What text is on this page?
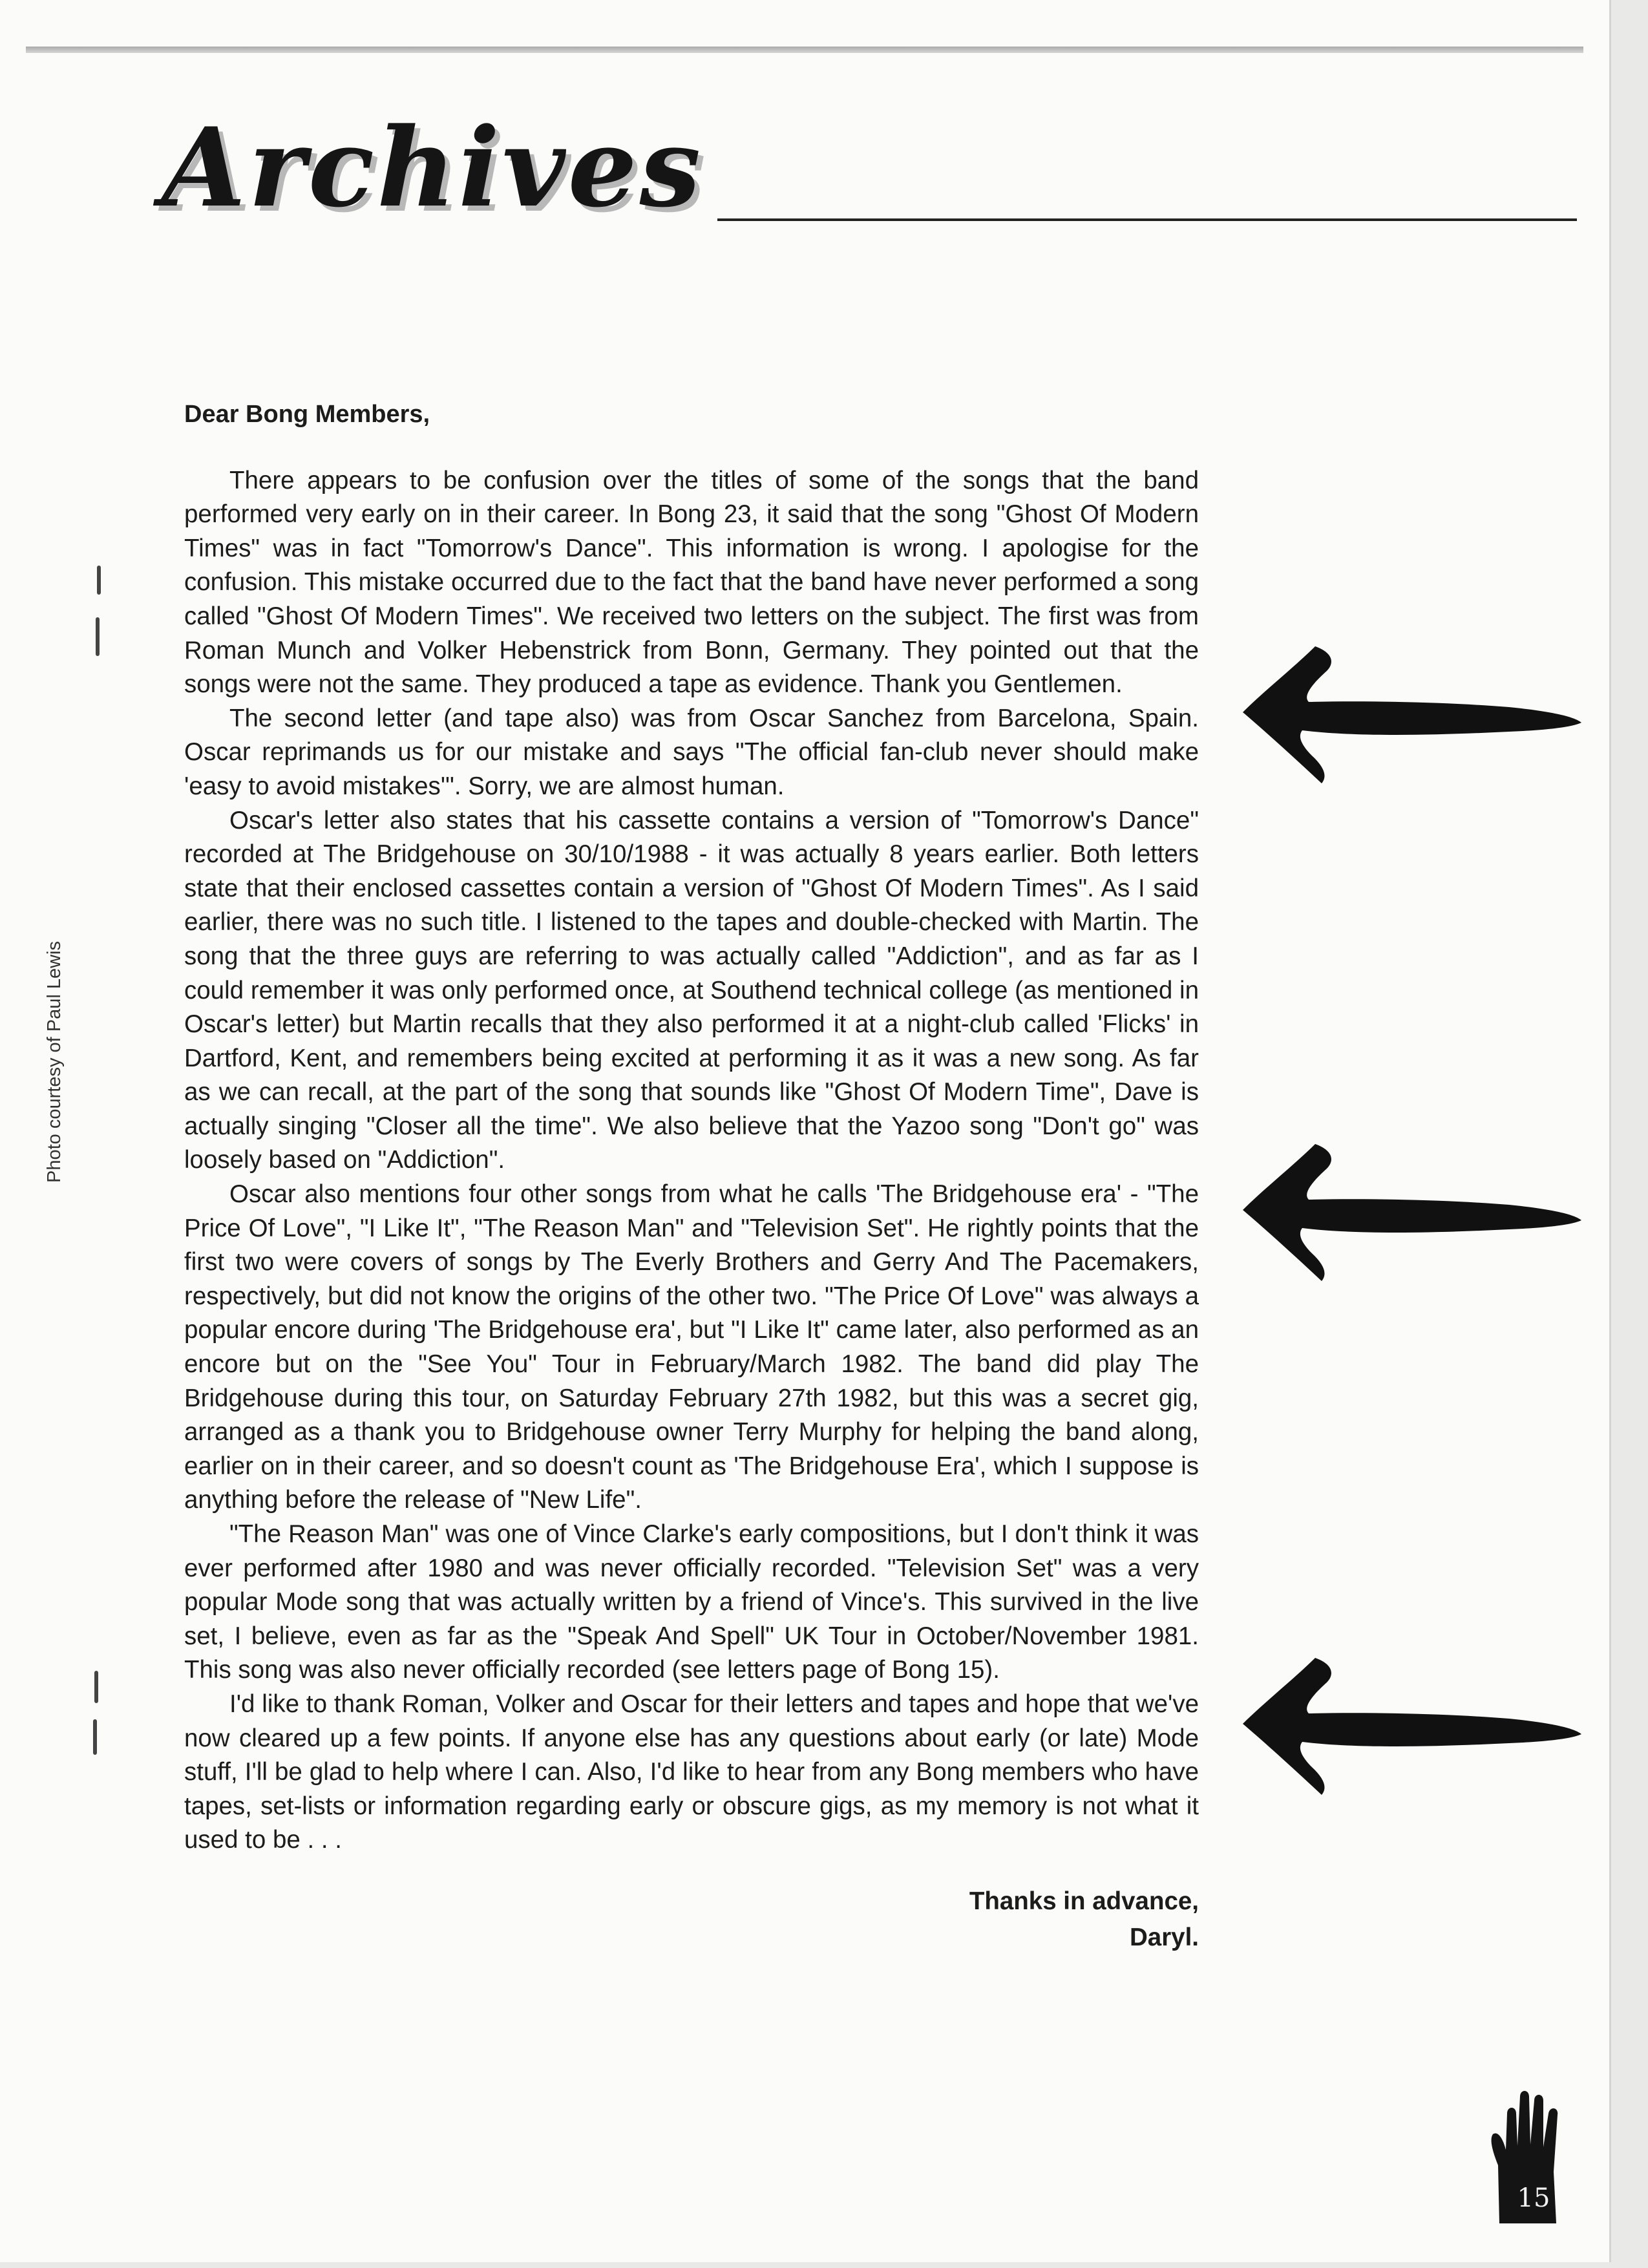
Archives
Photo courtesy of Paul Lewis

Dear Bong Members,

There appears to be confusion over the titles of some of the songs that the band performed very early on in their career. In Bong 23, it said that the song "Ghost Of Modern Times" was in fact "Tomorrow's Dance". This information is wrong. I apologise for the confusion. This mistake occurred due to the fact that the band have never performed a song called "Ghost Of Modern Times". We received two letters on the subject. The first was from Roman Munch and Volker Hebenstrick from Bonn, Germany. They pointed out that the songs were not the same. They produced a tape as evidence. Thank you Gentlemen.

The second letter (and tape also) was from Oscar Sanchez from Barcelona, Spain. Oscar reprimands us for our mistake and says "The official fan-club never should make 'easy to avoid mistakes'". Sorry, we are almost human.

Oscar's letter also states that his cassette contains a version of "Tomorrow's Dance" recorded at The Bridgehouse on 30/10/1988 - it was actually 8 years earlier. Both letters state that their enclosed cassettes contain a version of "Ghost Of Modern Times". As I said earlier, there was no such title. I listened to the tapes and double-checked with Martin. The song that the three guys are referring to was actually called "Addiction", and as far as I could remember it was only performed once, at Southend technical college (as mentioned in Oscar's letter) but Martin recalls that they also performed it at a night-club called 'Flicks' in Dartford, Kent, and remembers being excited at performing it as it was a new song. As far as we can recall, at the part of the song that sounds like "Ghost Of Modern Time", Dave is actually singing "Closer all the time". We also believe that the Yazoo song "Don't go" was loosely based on "Addiction".

Oscar also mentions four other songs from what he calls 'The Bridgehouse era' - "The Price Of Love", "I Like It", "The Reason Man" and "Television Set". He rightly points that the first two were covers of songs by The Everly Brothers and Gerry And The Pacemakers, respectively, but did not know the origins of the other two. "The Price Of Love" was always a popular encore during 'The Bridgehouse era', but "I Like It" came later, also performed as an encore but on the "See You" Tour in February/March 1982. The band did play The Bridgehouse during this tour, on Saturday February 27th 1982, but this was a secret gig, arranged as a thank you to Bridgehouse owner Terry Murphy for helping the band along, earlier on in their career, and so doesn't count as 'The Bridgehouse Era', which I suppose is anything before the release of "New Life".

"The Reason Man" was one of Vince Clarke's early compositions, but I don't think it was ever performed after 1980 and was never officially recorded. "Television Set" was a very popular Mode song that was actually written by a friend of Vince's. This survived in the live set, I believe, even as far as the "Speak And Spell" UK Tour in October/November 1981. This song was also never officially recorded (see letters page of Bong 15).

I'd like to thank Roman, Volker and Oscar for their letters and tapes and hope that we've now cleared up a few points. If anyone else has any questions about early (or late) Mode stuff, I'll be glad to help where I can. Also, I'd like to hear from any Bong members who have tapes, set-lists or information regarding early or obscure gigs, as my memory is not what it used to be . . .

Thanks in advance,
Daryl.
15
